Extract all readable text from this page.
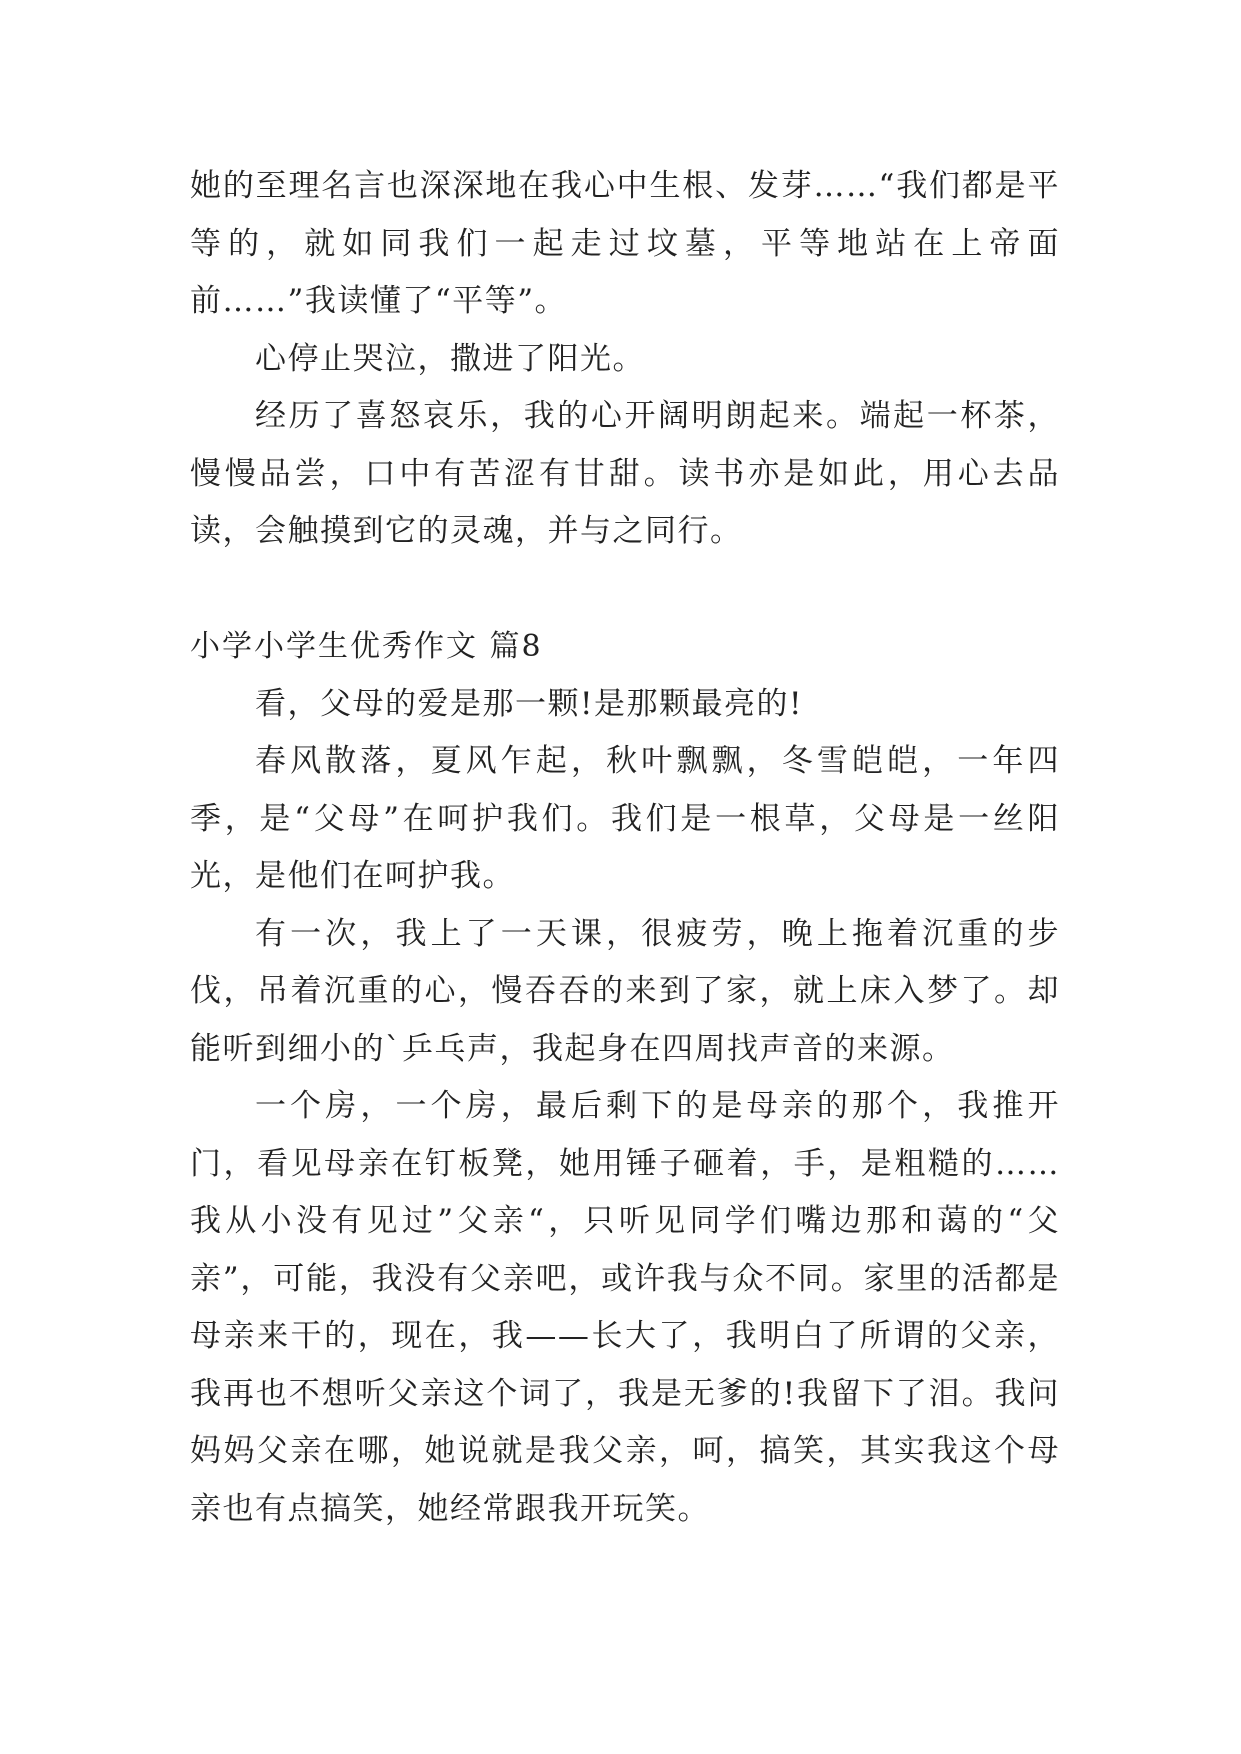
她的至理名言也深深地在我心中生根、发芽……“我们都是平等的，就如同我们一起走过坟墓，平等地站在上帝面前……”我读懂了“平等”。

心停止哭泣，撒进了阳光。

经历了喜怒哀乐，我的心开阔明朗起来。端起一杯茶，慢慢品尝，口中有苦涩有甘甜。读书亦是如此，用心去品读，会触摸到它的灵魂，并与之同行。

小学小学生优秀作文 篇8

看，父母的爱是那一颗!是那颗最亮的!

春风散落，夏风乍起，秋叶飘飘，冬雪皑皑，一年四季，是“父母”在呵护我们。我们是一根草，父母是一丝阳光，是他们在呵护我。

有一次，我上了一天课，很疲劳，晚上拖着沉重的步伐，吊着沉重的心，慢吞吞的来到了家，就上床入梦了。却能听到细小的`乒乓声，我起身在四周找声音的来源。

一个房，一个房，最后剩下的是母亲的那个，我推开门，看见母亲在钉板凳，她用锤子砸着，手，是粗糙的……我从小没有见过”父亲“，只听见同学们嘴边那和蔼的“父亲”，可能，我没有父亲吧，或许我与众不同。家里的活都是母亲来干的，现在，我——长大了，我明白了所谓的父亲，我再也不想听父亲这个词了，我是无爹的!我留下了泪。我问妈妈父亲在哪，她说就是我父亲，呵，搞笑，其实我这个母亲也有点搞笑，她经常跟我开玩笑。
